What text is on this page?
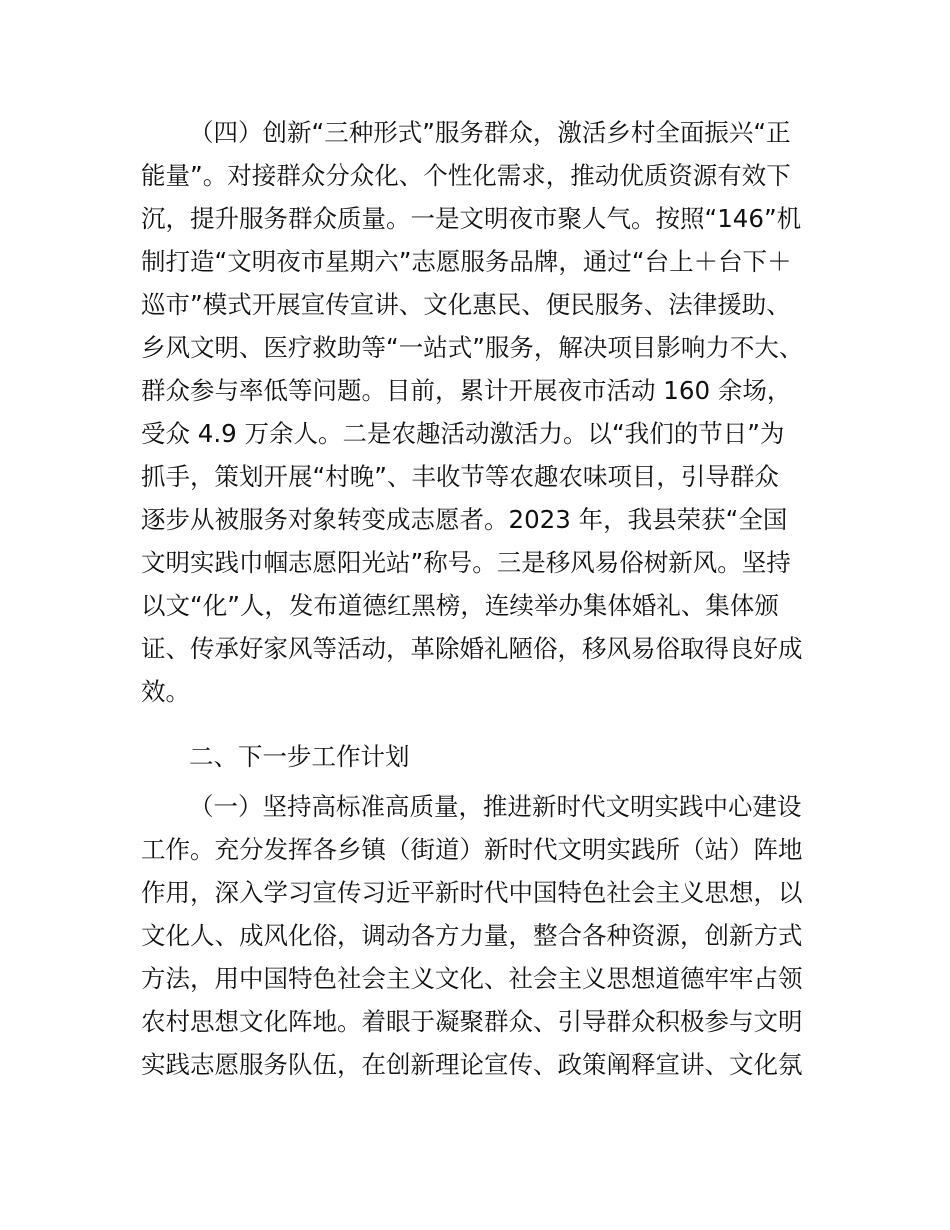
（四）创新“三种形式”服务群众，激活乡村全面振兴“正
能量”。对接群众分众化、个性化需求，推动优质资源有效下
沉，提升服务群众质量。一是文明夜市聚人气。按照“146”机
制打造“文明夜市星期六”志愿服务品牌，通过“台上＋台下＋
巡市”模式开展宣传宣讲、文化惠民、便民服务、法律援助、
乡风文明、医疗救助等“一站式”服务，解决项目影响力不大、
群众参与率低等问题。目前，累计开展夜市活动 160 余场，
受众 4.9 万余人。二是农趣活动激活力。以“我们的节日”为
抓手，策划开展“村晚”、丰收节等农趣农味项目，引导群众
逐步从被服务对象转变成志愿者。2023 年，我县荣获“全国
文明实践巾帼志愿阳光站”称号。三是移风易俗树新风。坚持
以文“化”人，发布道德红黑榜，连续举办集体婚礼、集体颁
证、传承好家风等活动，革除婚礼陋俗，移风易俗取得良好成
效。
二、下一步工作计划
（一）坚持高标准高质量，推进新时代文明实践中心建设
工作。充分发挥各乡镇（街道）新时代文明实践所（站）阵地
作用，深入学习宣传习近平新时代中国特色社会主义思想，以
文化人、成风化俗，调动各方力量，整合各种资源，创新方式
方法，用中国特色社会主义文化、社会主义思想道德牢牢占领
农村思想文化阵地。着眼于凝聚群众、引导群众积极参与文明
实践志愿服务队伍，在创新理论宣传、政策阐释宣讲、文化氛
